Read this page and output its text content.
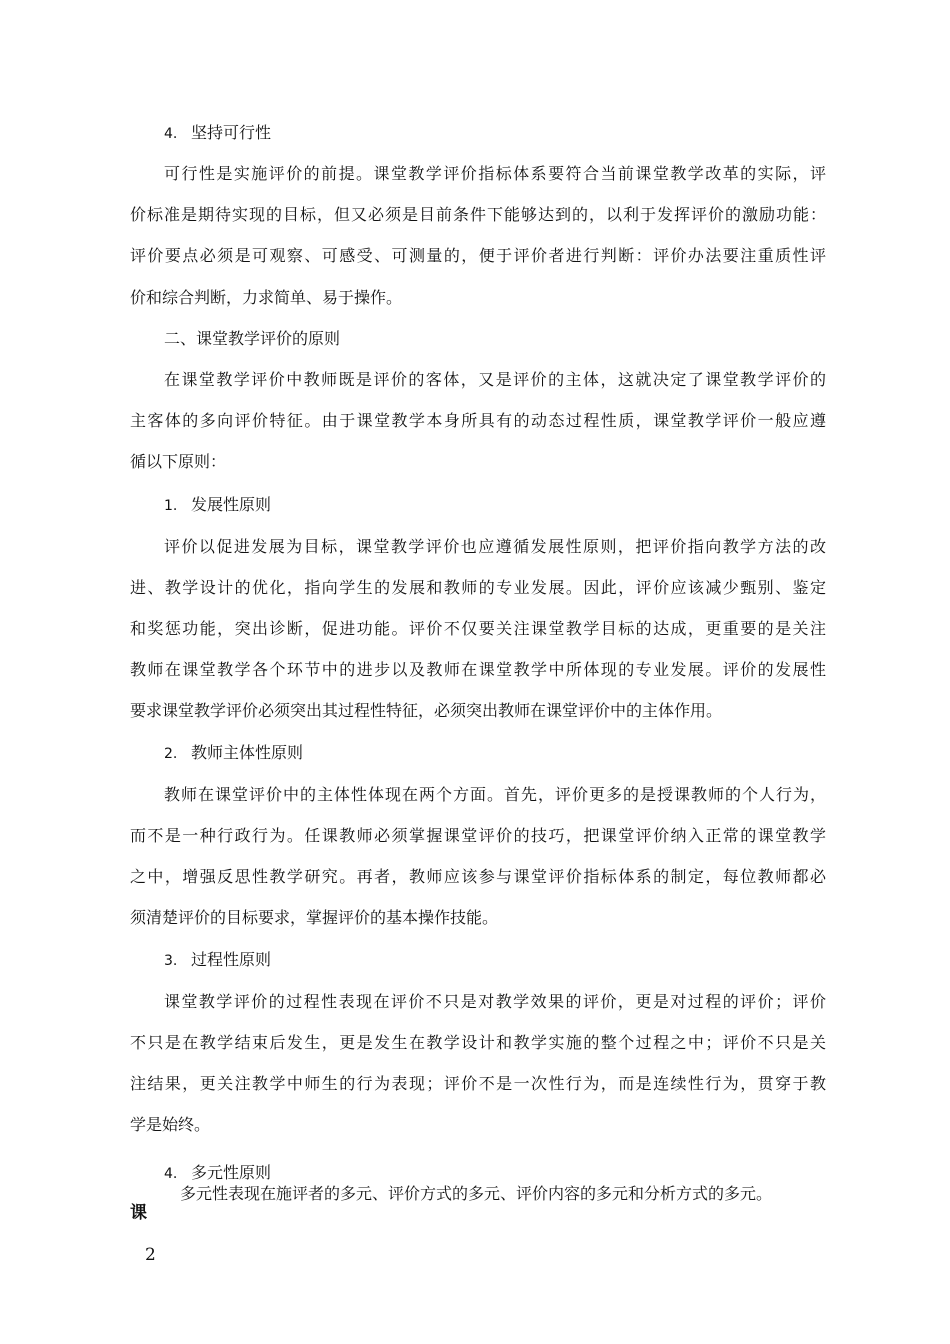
4. 坚持可行性
可行性是实施评价的前提。课堂教学评价指标体系要符合当前课堂教学改革的实际，评
价标准是期待实现的目标，但又必须是目前条件下能够达到的，以利于发挥评价的激励功能：
评价要点必须是可观察、可感受、可测量的，便于评价者进行判断：评价办法要注重质性评
价和综合判断，力求简单、易于操作。
二、课堂教学评价的原则
在课堂教学评价中教师既是评价的客体，又是评价的主体，这就决定了课堂教学评价的
主客体的多向评价特征。由于课堂教学本身所具有的动态过程性质，课堂教学评价一般应遵
循以下原则：
1. 发展性原则
评价以促进发展为目标，课堂教学评价也应遵循发展性原则，把评价指向教学方法的改
进、教学设计的优化，指向学生的发展和教师的专业发展。因此，评价应该减少甄别、鉴定
和奖惩功能，突出诊断，促进功能。评价不仅要关注课堂教学目标的达成，更重要的是关注
教师在课堂教学各个环节中的进步以及教师在课堂教学中所体现的专业发展。评价的发展性
要求课堂教学评价必须突出其过程性特征，必须突出教师在课堂评价中的主体作用。
2. 教师主体性原则
教师在课堂评价中的主体性体现在两个方面。首先，评价更多的是授课教师的个人行为，
而不是一种行政行为。任课教师必须掌握课堂评价的技巧，把课堂评价纳入正常的课堂教学
之中，增强反思性教学研究。再者，教师应该参与课堂评价指标体系的制定，每位教师都必
须清楚评价的目标要求，掌握评价的基本操作技能。
3. 过程性原则
课堂教学评价的过程性表现在评价不只是对教学效果的评价，更是对过程的评价；评价
不只是在教学结束后发生，更是发生在教学设计和教学实施的整个过程之中；评价不只是关
注结果，更关注教学中师生的行为表现；评价不是一次性行为，而是连续性行为，贯穿于教
学是始终。
4. 多元性原则
多元性表现在施评者的多元、评价方式的多元、评价内容的多元和分析方式的多元。
课
2
